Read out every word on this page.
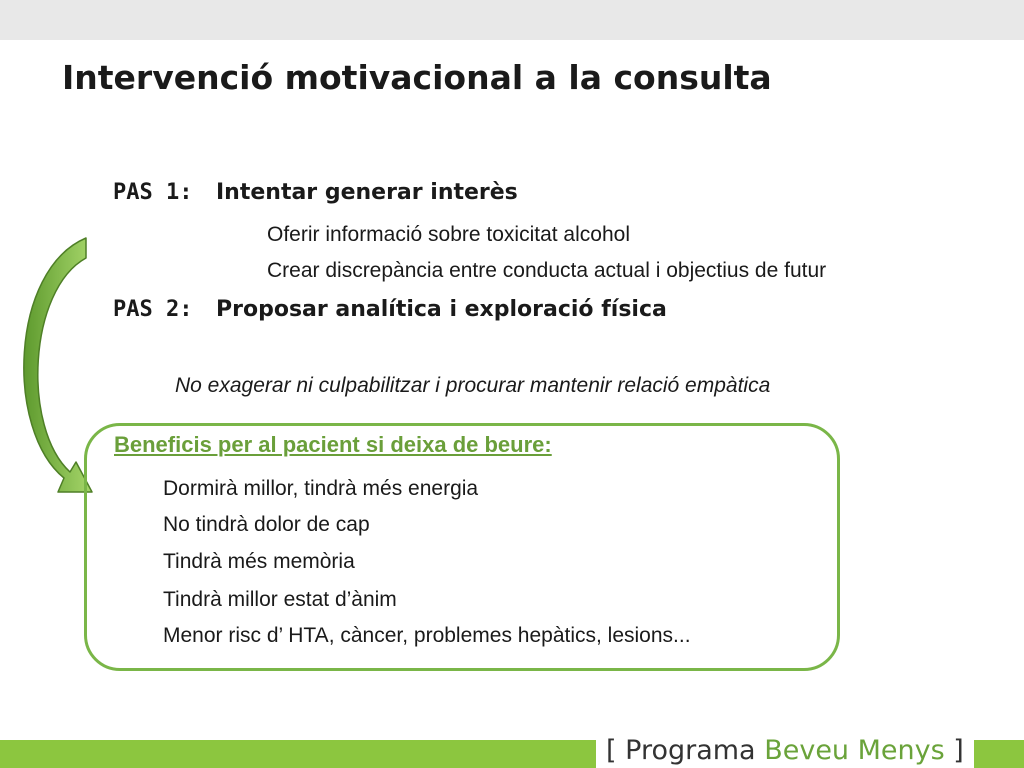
Intervenció motivacional a la consulta
PAS 1: Intentar generar interès
Oferir informació sobre toxicitat alcohol
Crear discrepància entre conducta actual i objectius de futur
PAS 2: Proposar analítica i exploració física
No exagerar ni culpabilitzar i procurar mantenir relació empàtica
Beneficis per al pacient si deixa de beure:
Dormirà millor, tindrà més energia
No tindrà dolor de cap
Tindrà més memòria
Tindrà millor estat d’ànim
Menor risc d’ HTA, càncer, problemes hepàtics, lesions...
[ Programa Beveu Menys ]
